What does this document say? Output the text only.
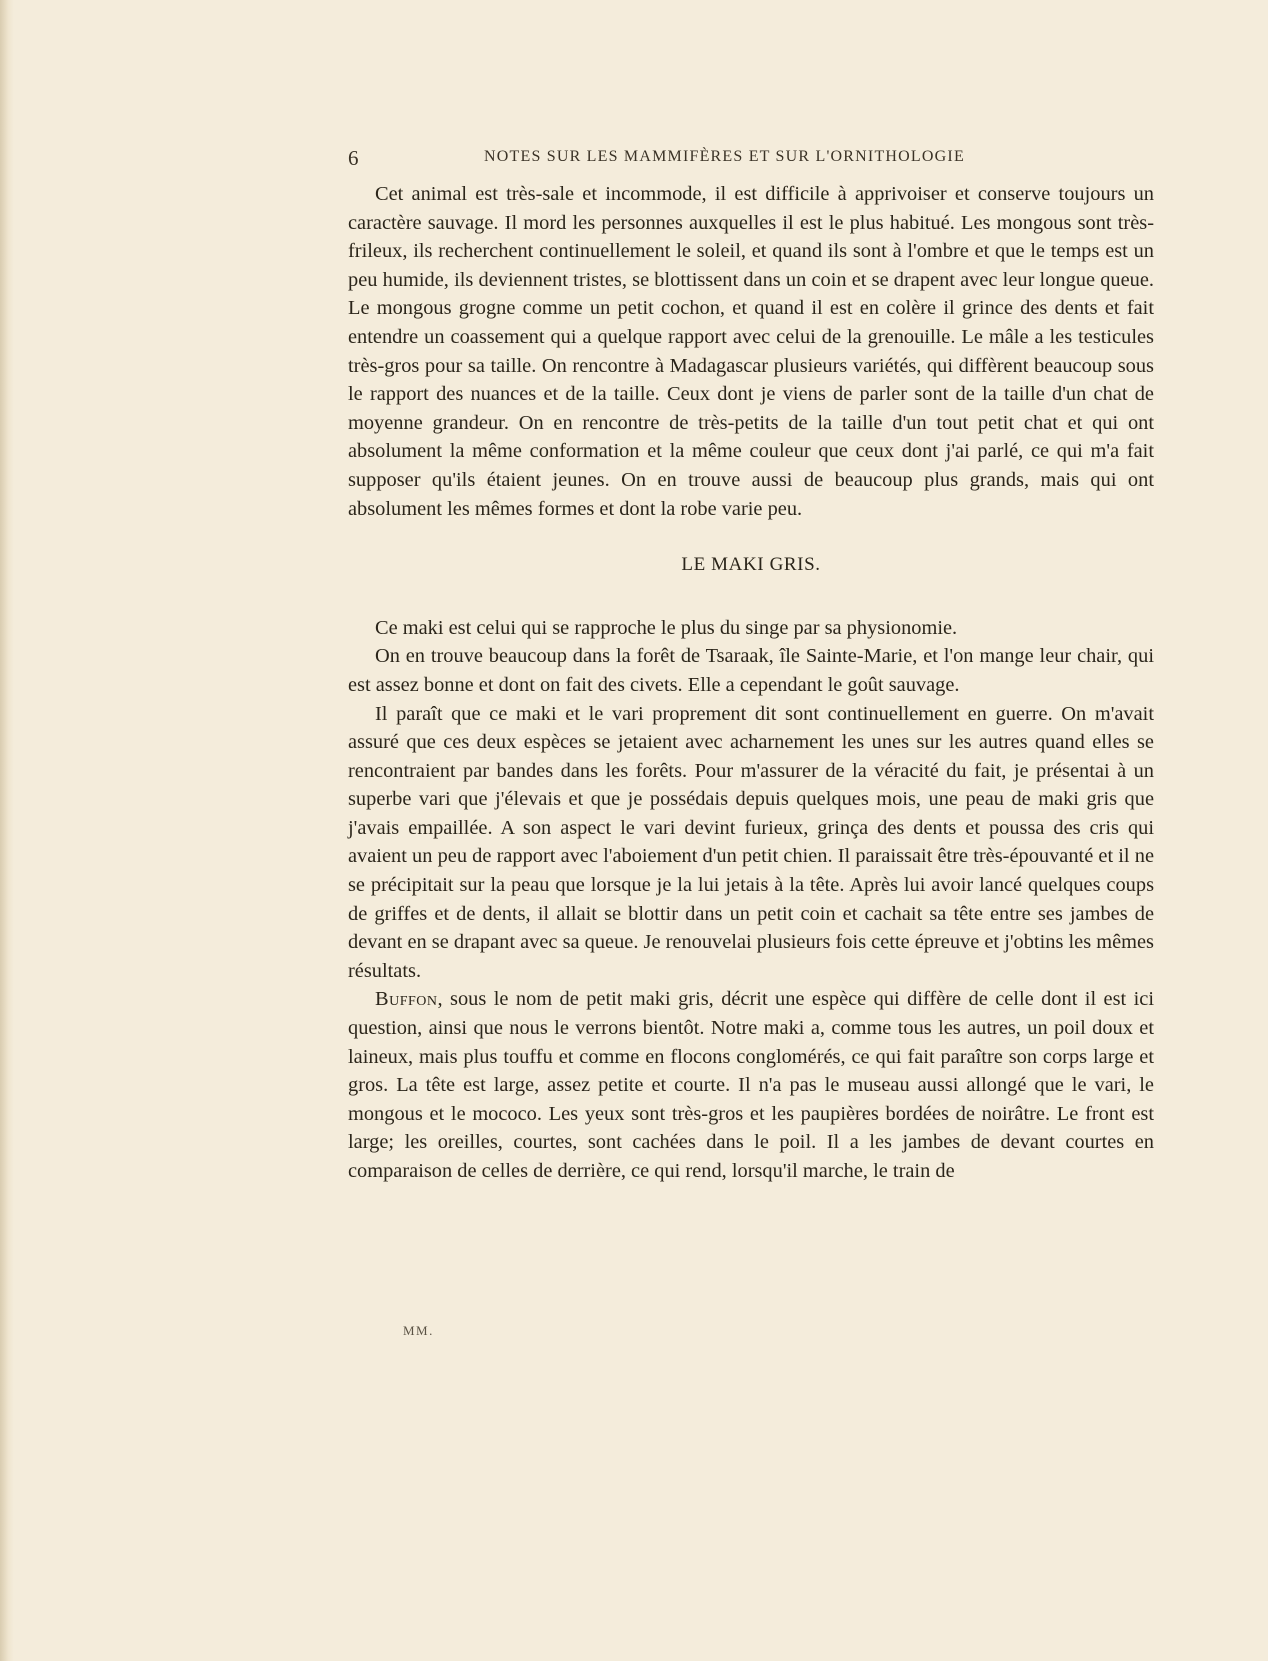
6	NOTES SUR LES MAMMIFÈRES ET SUR L'ORNITHOLOGIE

Cet animal est très-sale et incommode, il est difficile à apprivoiser et conserve toujours un caractère sauvage. Il mord les personnes auxquelles il est le plus habitué. Les mongous sont très-frileux, ils recherchent continuellement le soleil, et quand ils sont à l'ombre et que le temps est un peu humide, ils deviennent tristes, se blottissent dans un coin et se drapent avec leur longue queue. Le mongous grogne comme un petit cochon, et quand il est en colère il grince des dents et fait entendre un coassement qui a quelque rapport avec celui de la grenouille. Le mâle a les testicules très-gros pour sa taille. On rencontre à Madagascar plusieurs variétés, qui diffèrent beaucoup sous le rapport des nuances et de la taille. Ceux dont je viens de parler sont de la taille d'un chat de moyenne grandeur. On en rencontre de très-petits de la taille d'un tout petit chat et qui ont absolument la même conformation et la même couleur que ceux dont j'ai parlé, ce qui m'a fait supposer qu'ils étaient jeunes. On en trouve aussi de beaucoup plus grands, mais qui ont absolument les mêmes formes et dont la robe varie peu.

LE MAKI GRIS.

Ce maki est celui qui se rapproche le plus du singe par sa physionomie.

On en trouve beaucoup dans la forêt de Tsaraak, île Sainte-Marie, et l'on mange leur chair, qui est assez bonne et dont on fait des civets. Elle a cependant le goût sauvage.

Il paraît que ce maki et le vari proprement dit sont continuellement en guerre. On m'avait assuré que ces deux espèces se jetaient avec acharnement les unes sur les autres quand elles se rencontraient par bandes dans les forêts. Pour m'assurer de la véracité du fait, je présentai à un superbe vari que j'élevais et que je possédais depuis quelques mois, une peau de maki gris que j'avais empaillée. A son aspect le vari devint furieux, grinça des dents et poussa des cris qui avaient un peu de rapport avec l'aboiement d'un petit chien. Il paraissait être très-épouvanté et il ne se précipitait sur la peau que lorsque je la lui jetais à la tête. Après lui avoir lancé quelques coups de griffes et de dents, il allait se blottir dans un petit coin et cachait sa tête entre ses jambes de devant en se drapant avec sa queue. Je renouvelai plusieurs fois cette épreuve et j'obtins les mêmes résultats.

Buffon, sous le nom de petit maki gris, décrit une espèce qui diffère de celle dont il est ici question, ainsi que nous le verrons bientôt. Notre maki a, comme tous les autres, un poil doux et laineux, mais plus touffu et comme en flocons conglomérés, ce qui fait paraître son corps large et gros. La tête est large, assez petite et courte. Il n'a pas le museau aussi allongé que le vari, le mongous et le mococo. Les yeux sont très-gros et les paupières bordées de noirâtre. Le front est large; les oreilles, courtes, sont cachées dans le poil. Il a les jambes de devant courtes en comparaison de celles de derrière, ce qui rend, lorsqu'il marche, le train de

MM.
